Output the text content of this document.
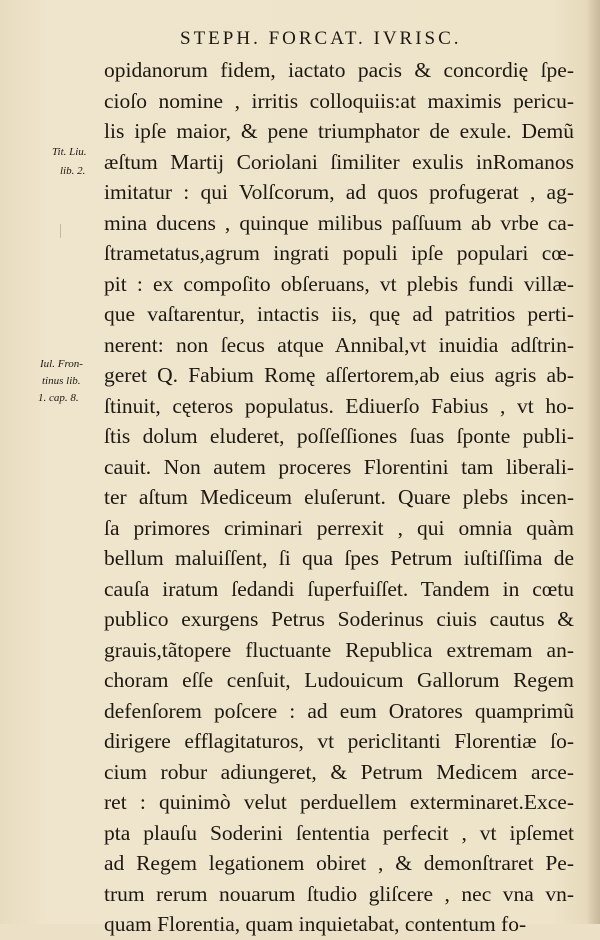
STEPH. FORCAT. IVRISC.
Tit. Liu.
lib. 2.
Iul. Fron-
tinus lib.
1. cap. 8.
opidanorum fidem, iactato pacis & concordię ſpe-
cioſo nomine , irritis colloquiis:at maximis pericu-
lis ipſe maior, & pene triumphator de exule. Demũ
æſtum Martij Coriolani ſimiliter exulis inRomanos
imitatur : qui Volſcorum, ad quos profugerat , ag-
mina ducens , quinque milibus paſſuum ab vrbe ca-
ſtrametatus,agrum ingrati populi ipſe populari cœ-
pit : ex compoſito obſeruans, vt plebis fundi villæ-
que vaſtarentur, intactis iis, quę ad patritios perti-
nerent: non ſecus atque Annibal,vt inuidia adſtrin-
geret Q. Fabium Romę aſſertorem,ab eius agris ab-
ſtinuit, cęteros populatus. Ediuerſo Fabius , vt ho-
ſtis dolum eluderet, poſſeſſiones ſuas ſponte publi-
cauit. Non autem proceres Florentini tam liberali-
ter aſtum Mediceum eluſerunt. Quare plebs incen-
ſa primores criminari perrexit , qui omnia quàm
bellum maluiſſent, ſi qua ſpes Petrum iuſtiſſima de
cauſa iratum ſedandi ſuperfuiſſet. Tandem in cœtu
publico exurgens Petrus Soderinus ciuis cautus &
grauis,tãtopere fluctuante Republica extremam an-
choram eſſe cenſuit, Ludouicum Gallorum Regem
defenſorem poſcere : ad eum Oratores quamprimũ
dirigere efflagitaturos, vt periclitanti Florentiæ ſo-
cium robur adiungeret, & Petrum Medicem arce-
ret : quinimò velut perduellem exterminaret.Exce-
pta plauſu Soderini ſententia perfecit , vt ipſemet
ad Regem legationem obiret , & demonſtraret Pe-
trum rerum nouarum ſtudio gliſcere , nec vna vn-
quam Florentia, quam inquietabat, contentum fo-
